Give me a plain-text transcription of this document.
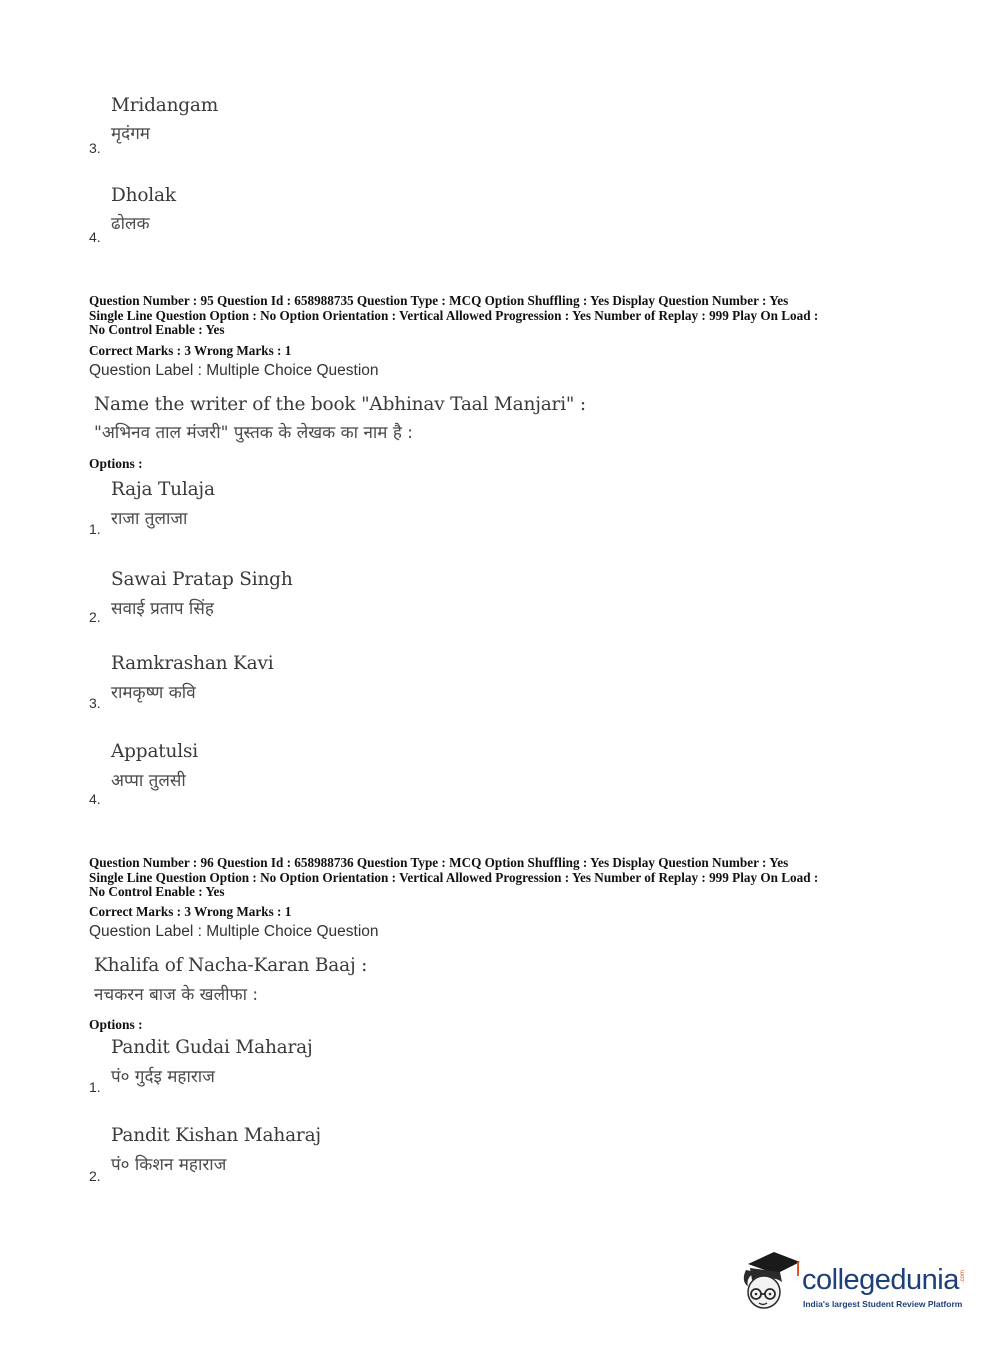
Mridangam
मृदंगम
3.
Dholak
ढोलक
4.
Question Number : 95 Question Id : 658988735 Question Type : MCQ Option Shuffling : Yes Display Question Number : Yes
Single Line Question Option : No Option Orientation : Vertical Allowed Progression : Yes Number of Replay : 999 Play On Load :
No Control Enable : Yes
Correct Marks : 3 Wrong Marks : 1
Question Label : Multiple Choice Question
Name the writer of the book "Abhinav Taal Manjari" :
"अभिनव ताल मंजरी" पुस्तक के लेखक का नाम है :
Options :
Raja Tulaja
राजा तुलाजा
1.
Sawai Pratap Singh
सवाई प्रताप सिंह
2.
Ramkrashan Kavi
रामकृष्ण कवि
3.
Appatulsi
अप्पा तुलसी
4.
Question Number : 96 Question Id : 658988736 Question Type : MCQ Option Shuffling : Yes Display Question Number : Yes
Single Line Question Option : No Option Orientation : Vertical Allowed Progression : Yes Number of Replay : 999 Play On Load :
No Control Enable : Yes
Correct Marks : 3 Wrong Marks : 1
Question Label : Multiple Choice Question
Khalifa of Nacha-Karan Baaj :
नचकरन बाज के खलीफा :
Options :
Pandit Gudai Maharaj
पं० गुर्दइ महाराज
1.
Pandit Kishan Maharaj
पं० किशन महाराज
2.
collegedunia .com
India's largest Student Review Platform
